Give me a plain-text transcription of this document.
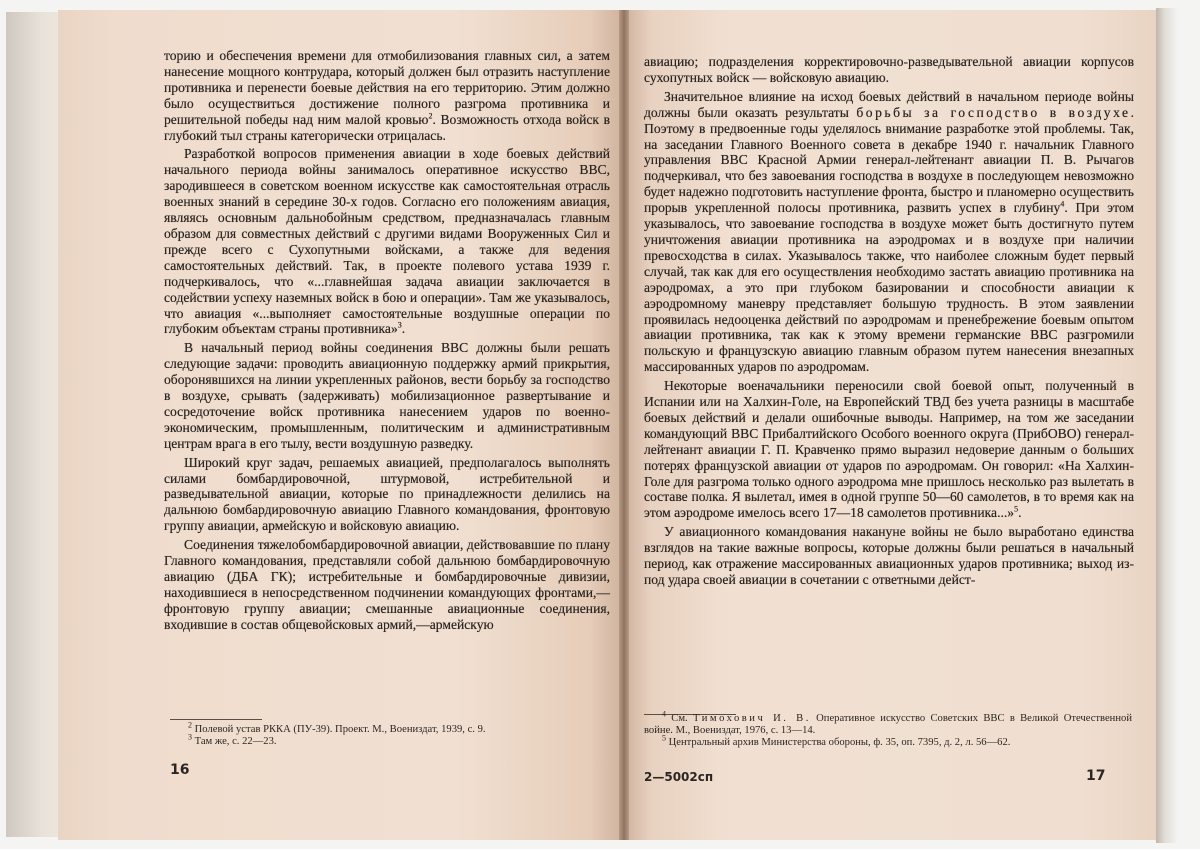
торию и обеспечения времени для отмобилизования главных сил, а затем нанесение мощного контрудара, который должен был отразить наступление противника и перенести боевые действия на его территорию. Этим должно было осуществиться достижение полного разгрома противника и решительной победы над ним малой кровью$^2$. Возможность отхода войск в глубокий тыл страны категорически отрицалась.

Разработкой вопросов применения авиации в ходе боевых действий начального периода войны занималось оперативное искусство ВВС, зародившееся в советском военном искусстве как самостоятельная отрасль военных знаний в середине 30-х годов. Согласно его положениям авиация, являясь основным дальнобойным средством, предназначалась главным образом для совместных действий с другими видами Вооруженных Сил и прежде всего с Сухопутными войсками, а также для ведения самостоятельных действий. Так, в проекте полевого устава 1939 г. подчеркивалось, что «...главнейшая задача авиации заключается в содействии успеху наземных войск в бою и операции». Там же указывалось, что авиация «...выполняет самостоятельные воздушные операции по глубоким объектам страны противника»$^3$.

В начальный период войны соединения ВВС должны были решать следующие задачи: проводить авиационную поддержку армий прикрытия, оборонявшихся на линии укрепленных районов, вести борьбу за господство в воздухе, срывать (задерживать) мобилизационное развертывание и сосредоточение войск противника нанесением ударов по военно-экономическим, промышленным, политическим и административным центрам врага в его тылу, вести воздушную разведку.

Широкий круг задач, решаемых авиацией, предполагалось выполнять силами бомбардировочной, штурмовой, истребительной и разведывательной авиации, которые по принадлежности делились на дальнюю бомбардировочную авиацию Главного командования, фронтовую группу авиации, армейскую и войсковую авиацию.

Соединения тяжелобомбардировочной авиации, действовавшие по плану Главного командования, представляли собой дальнюю бомбардировочную авиацию (ДБА ГК); истребительные и бомбардировочные дивизии, находившиеся в непосредственном подчинении командующих фронтами,—фронтовую группу авиации; смешанные авиационные соединения, входившие в состав общевойсковых армий,—армейскую

авиацию; подразделения корректировочно-разведывательной авиации корпусов сухопутных войск — войсковую авиацию.

Значительное влияние на исход боевых действий в начальном периоде войны должны были оказать результаты борьбы за господство в воздухе. Поэтому в предвоенные годы уделялось внимание разработке этой проблемы. Так, на заседании Главного Военного совета в декабре 1940 г. начальник Главного управления ВВС Красной Армии генерал-лейтенант авиации П. В. Рычагов подчеркивал, что без завоевания господства в воздухе в последующем невозможно будет надежно подготовить наступление фронта, быстро и планомерно осуществить прорыв укрепленной полосы противника, развить успех в глубину$^4$. При этом указывалось, что завоевание господства в воздухе может быть достигнуто путем уничтожения авиации противника на аэродромах и в воздухе при наличии превосходства в силах. Указывалось также, что наиболее сложным будет первый случай, так как для его осуществления необходимо застать авиацию противника на аэродромах, а это при глубоком базировании и способности авиации к аэродромному маневру представляет большую трудность. В этом заявлении проявилась недооценка действий по аэродромам и пренебрежение боевым опытом авиации противника, так как к этому времени германские ВВС разгромили польскую и французскую авиацию главным образом путем нанесения внезапных массированных ударов по аэродромам.

Некоторые военачальники переносили свой боевой опыт, полученный в Испании или на Халхин-Голе, на Европейский ТВД без учета разницы в масштабе боевых действий и делали ошибочные выводы. Например, на том же заседании командующий ВВС Прибалтийского Особого военного округа (ПрибОВО) генерал-лейтенант авиации Г. П. Кравченко прямо выразил недоверие данным о больших потерях французской авиации от ударов по аэродромам. Он говорил: «На Халхин-Голе для разгрома только одного аэродрома мне пришлось несколько раз вылетать в составе полка. Я вылетал, имея в одной группе 50—60 самолетов, в то время как на этом аэродроме имелось всего 17—18 самолетов противника...»$^5$.

У авиационного командования накануне войны не было выработано единства взглядов на такие важные вопросы, которые должны были решаться в начальный период, как отражение массированных авиационных ударов противника; выход из-под удара своей авиации в сочетании с ответными дейст-

$^2$ Полевой устав РККА (ПУ-39). Проект. М., Воениздат, 1939, с. 9.

$^3$ Там же, с. 22—23.

16

$^4$ См. Тимохович И. В. Оперативное искусство Советских ВВС в Великой Отечественной войне. М., Воениздат, 1976, с. 13—14.

$^5$ Центральный архив Министерства обороны, ф. 35, оп. 7395, д. 2, л. 56—62.

2—5002сп	17
